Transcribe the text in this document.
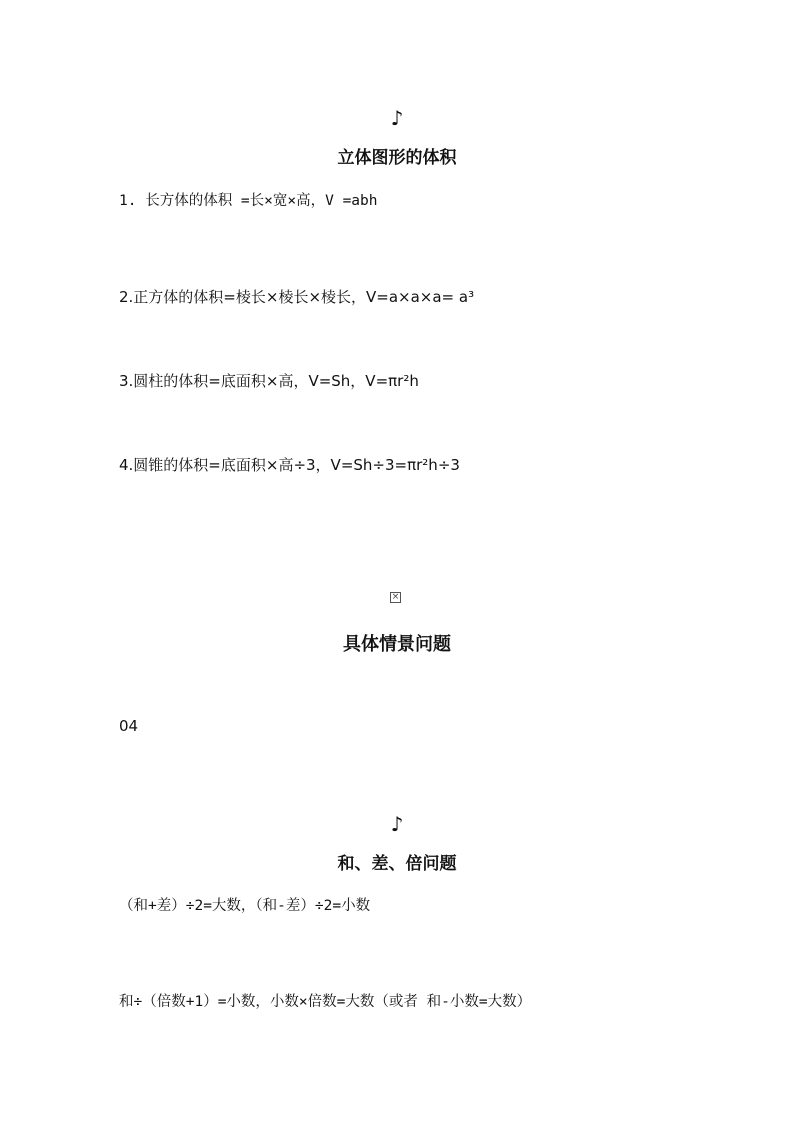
♪
立体图形的体积
1. 长方体的体积 =长×宽×高，V =abh
2.正方体的体积=棱长×棱长×棱长，V=a×a×a= a³
3.圆柱的体积=底面积×高，V=Sh，V=πr²h
4.圆锥的体积=底面积×高÷3，V=Sh÷3=πr²h÷3
×
具体情景问题
04
♪
和、差、倍问题
（和+差）÷2=大数，（和-差）÷2=小数
和÷（倍数+1）=小数，小数×倍数=大数（或者 和-小数=大数）
